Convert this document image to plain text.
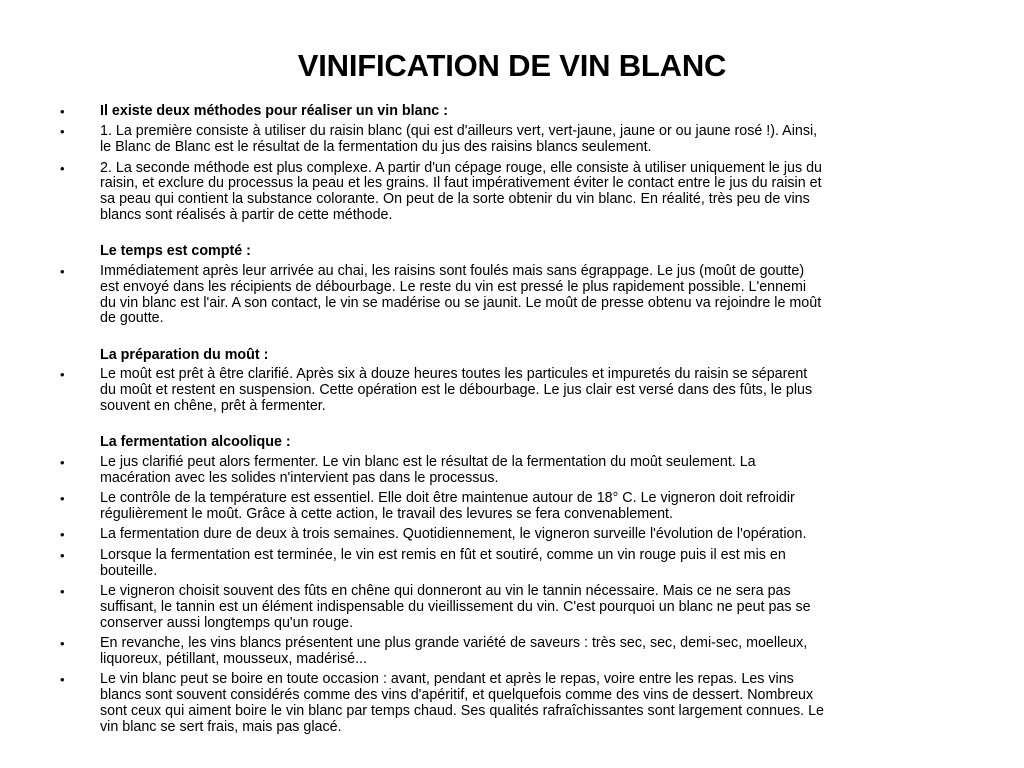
VINIFICATION DE VIN BLANC
•	Il existe deux méthodes pour réaliser un vin blanc :
•	1. La première consiste à utiliser du raisin blanc (qui est d'ailleurs vert, vert-jaune, jaune or ou jaune rosé !). Ainsi,
le Blanc de Blanc est le résultat de la fermentation du jus des raisins blancs seulement.
•	2. La seconde méthode est plus complexe. A partir d'un cépage rouge, elle consiste à utiliser uniquement le jus du
raisin, et exclure du processus la peau et les grains. Il faut impérativement éviter le contact entre le jus du raisin et
sa peau qui contient la substance colorante. On peut de la sorte obtenir du vin blanc. En réalité, très peu de vins
blancs sont réalisés à partir de cette méthode.
Le temps est compté :
•	Immédiatement après leur arrivée au chai, les raisins sont foulés mais sans égrappage. Le jus (moût de goutte)
est envoyé dans les récipients de débourbage. Le reste du vin est pressé le plus rapidement possible. L'ennemi
du vin blanc est l'air. A son contact, le vin se madérise ou se jaunit. Le moût de presse obtenu va rejoindre le moût
de goutte.
La préparation du moût :
•	Le moût est prêt à être clarifié. Après six à douze heures toutes les particules et impuretés du raisin se séparent
du moût et restent en suspension. Cette opération est le débourbage. Le jus clair est versé dans des fûts, le plus
souvent en chêne, prêt à fermenter.
La fermentation alcoolique :
•	Le jus clarifié peut alors fermenter. Le vin blanc est le résultat de la fermentation du moût seulement. La
macération avec les solides n'intervient pas dans le processus.
•	Le contrôle de la température est essentiel. Elle doit être maintenue autour de 18° C. Le vigneron doit refroidir
régulièrement le moût. Grâce à cette action, le travail des levures se fera convenablement.
•	La fermentation dure de deux à trois semaines. Quotidiennement, le vigneron surveille l'évolution de l'opération.
•	Lorsque la fermentation est terminée, le vin est remis en fût et soutiré, comme un vin rouge puis il est mis en
bouteille.
•	Le vigneron choisit souvent des fûts en chêne qui donneront au vin le tannin nécessaire. Mais ce ne sera pas
suffisant, le tannin est un élément indispensable du vieillissement du vin. C'est pourquoi un blanc ne peut pas se
conserver aussi longtemps qu'un rouge.
•	En revanche, les vins blancs présentent une plus grande variété de saveurs : très sec, sec, demi-sec, moelleux,
liquoreux, pétillant, mousseux, madérisé...
•	Le vin blanc peut se boire en toute occasion : avant, pendant et après le repas, voire entre les repas. Les vins
blancs sont souvent considérés comme des vins d'apéritif, et quelquefois comme des vins de dessert. Nombreux
sont ceux qui aiment boire le vin blanc par temps chaud. Ses qualités rafraîchissantes sont largement connues. Le
vin blanc se sert frais, mais pas glacé.
